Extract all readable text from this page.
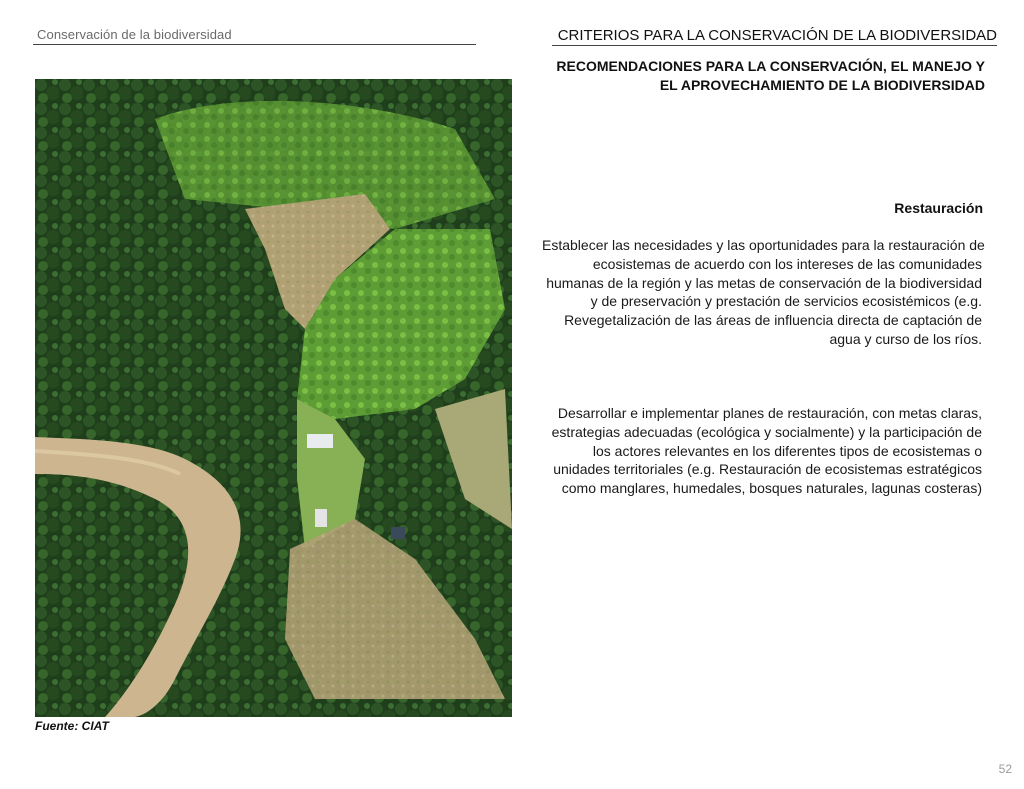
Conservación de la biodiversidad	CRITERIOS PARA LA CONSERVACIÓN DE LA BIODIVERSIDAD
RECOMENDACIONES PARA LA CONSERVACIÓN, EL MANEJO Y
EL APROVECHAMIENTO DE LA BIODIVERSIDAD
Fuente: CIAT
Restauración
Establecer las necesidades y las oportunidades para la restauración de
ecosistemas de acuerdo con los intereses de las comunidades
humanas de la región y las metas de conservación de la biodiversidad
y de preservación y prestación de servicios ecosistémicos (e.g.
Revegetalización de las áreas de influencia directa de captación de
agua y curso de los ríos.
Desarrollar e implementar planes de restauración, con metas claras,
estrategias adecuadas (ecológica y socialmente) y la participación de
los actores relevantes en los diferentes tipos de ecosistemas o
unidades territoriales (e.g. Restauración de ecosistemas estratégicos
como manglares, humedales, bosques naturales, lagunas costeras)
52
